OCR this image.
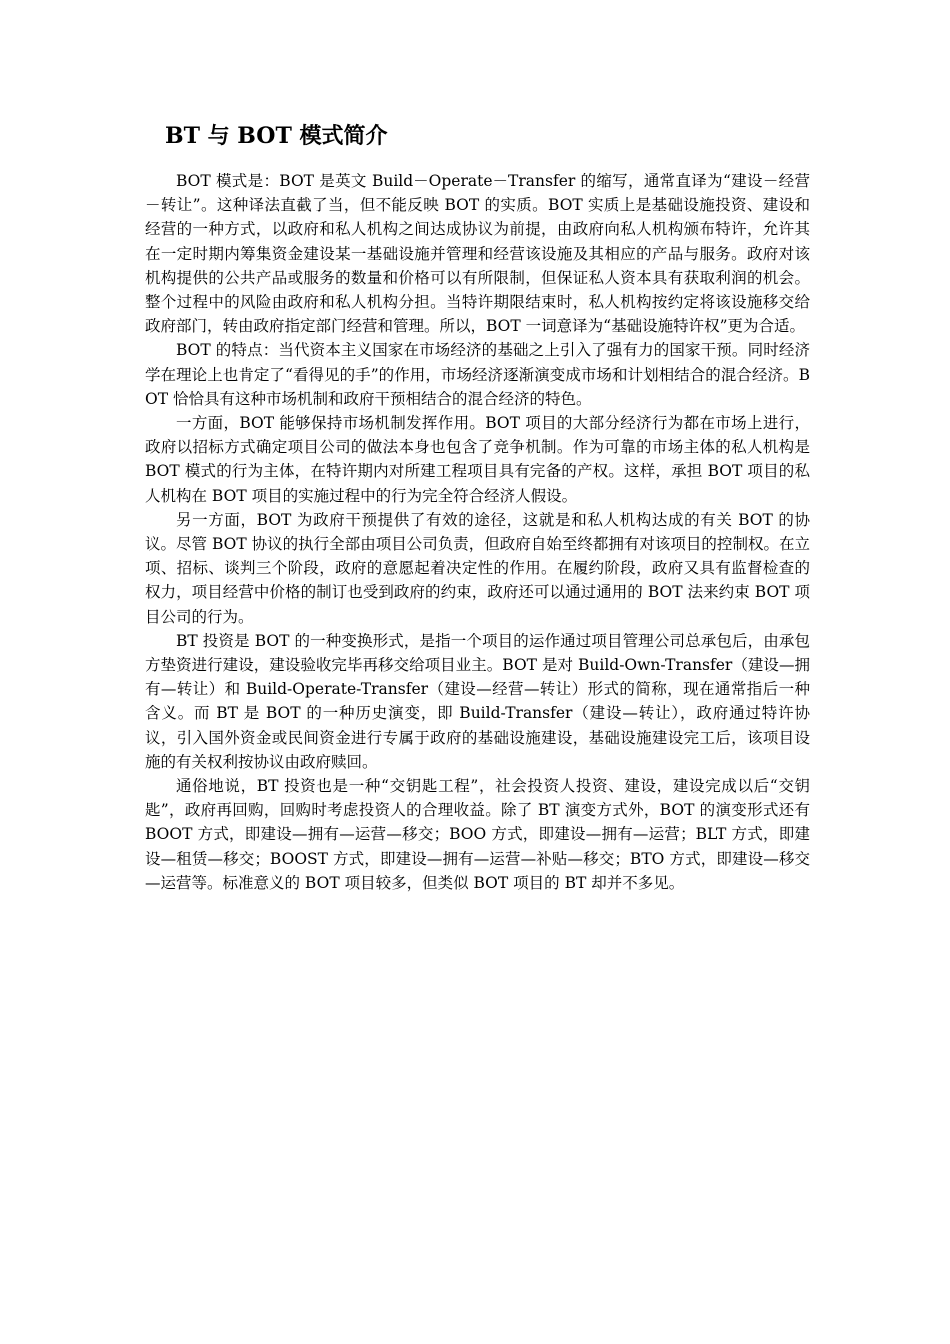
BT 与 BOT 模式简介

BOT 模式是：BOT 是英文 Build－Operate－Transfer 的缩写，通常直译为“建设－经营－转让”。这种译法直截了当，但不能反映 BOT 的实质。BOT 实质上是基础设施投资、建设和经营的一种方式，以政府和私人机构之间达成协议为前提，由政府向私人机构颁布特许，允许其在一定时期内筹集资金建设某一基础设施并管理和经营该设施及其相应的产品与服务。政府对该机构提供的公共产品或服务的数量和价格可以有所限制，但保证私人资本具有获取利润的机会。整个过程中的风险由政府和私人机构分担。当特许期限结束时，私人机构按约定将该设施移交给政府部门，转由政府指定部门经营和管理。所以，BOT 一词意译为“基础设施特许权”更为合适。

BOT 的特点：当代资本主义国家在市场经济的基础之上引入了强有力的国家干预。同时经济学在理论上也肯定了“看得见的手”的作用，市场经济逐渐演变成市场和计划相结合的混合经济。BOT 恰恰具有这种市场机制和政府干预相结合的混合经济的特色。

一方面，BOT 能够保持市场机制发挥作用。BOT 项目的大部分经济行为都在市场上进行，政府以招标方式确定项目公司的做法本身也包含了竞争机制。作为可靠的市场主体的私人机构是 BOT 模式的行为主体，在特许期内对所建工程项目具有完备的产权。这样，承担 BOT 项目的私人机构在 BOT 项目的实施过程中的行为完全符合经济人假设。

另一方面，BOT 为政府干预提供了有效的途径，这就是和私人机构达成的有关 BOT 的协议。尽管 BOT 协议的执行全部由项目公司负责，但政府自始至终都拥有对该项目的控制权。在立项、招标、谈判三个阶段，政府的意愿起着决定性的作用。在履约阶段，政府又具有监督检查的权力，项目经营中价格的制订也受到政府的约束，政府还可以通过通用的 BOT 法来约束 BOT 项目公司的行为。

BT 投资是 BOT 的一种变换形式，是指一个项目的运作通过项目管理公司总承包后，由承包方垫资进行建设，建设验收完毕再移交给项目业主。BOT 是对 Build-Own-Transfer（建设—拥有—转让）和 Build-Operate-Transfer（建设—经营—转让）形式的简称，现在通常指后一种含义。而 BT 是 BOT 的一种历史演变，即 Build-Transfer（建设—转让），政府通过特许协议，引入国外资金或民间资金进行专属于政府的基础设施建设，基础设施建设完工后，该项目设施的有关权利按协议由政府赎回。

通俗地说，BT 投资也是一种“交钥匙工程”，社会投资人投资、建设，建设完成以后“交钥匙”，政府再回购，回购时考虑投资人的合理收益。除了 BT 演变方式外，BOT 的演变形式还有 BOOT 方式，即建设—拥有—运营—移交；BOO 方式，即建设—拥有—运营；BLT 方式，即建设—租赁—移交；BOOST 方式，即建设—拥有—运营—补贴—移交；BTO 方式，即建设—移交—运营等。标准意义的 BOT 项目较多，但类似 BOT 项目的 BT 却并不多见。
